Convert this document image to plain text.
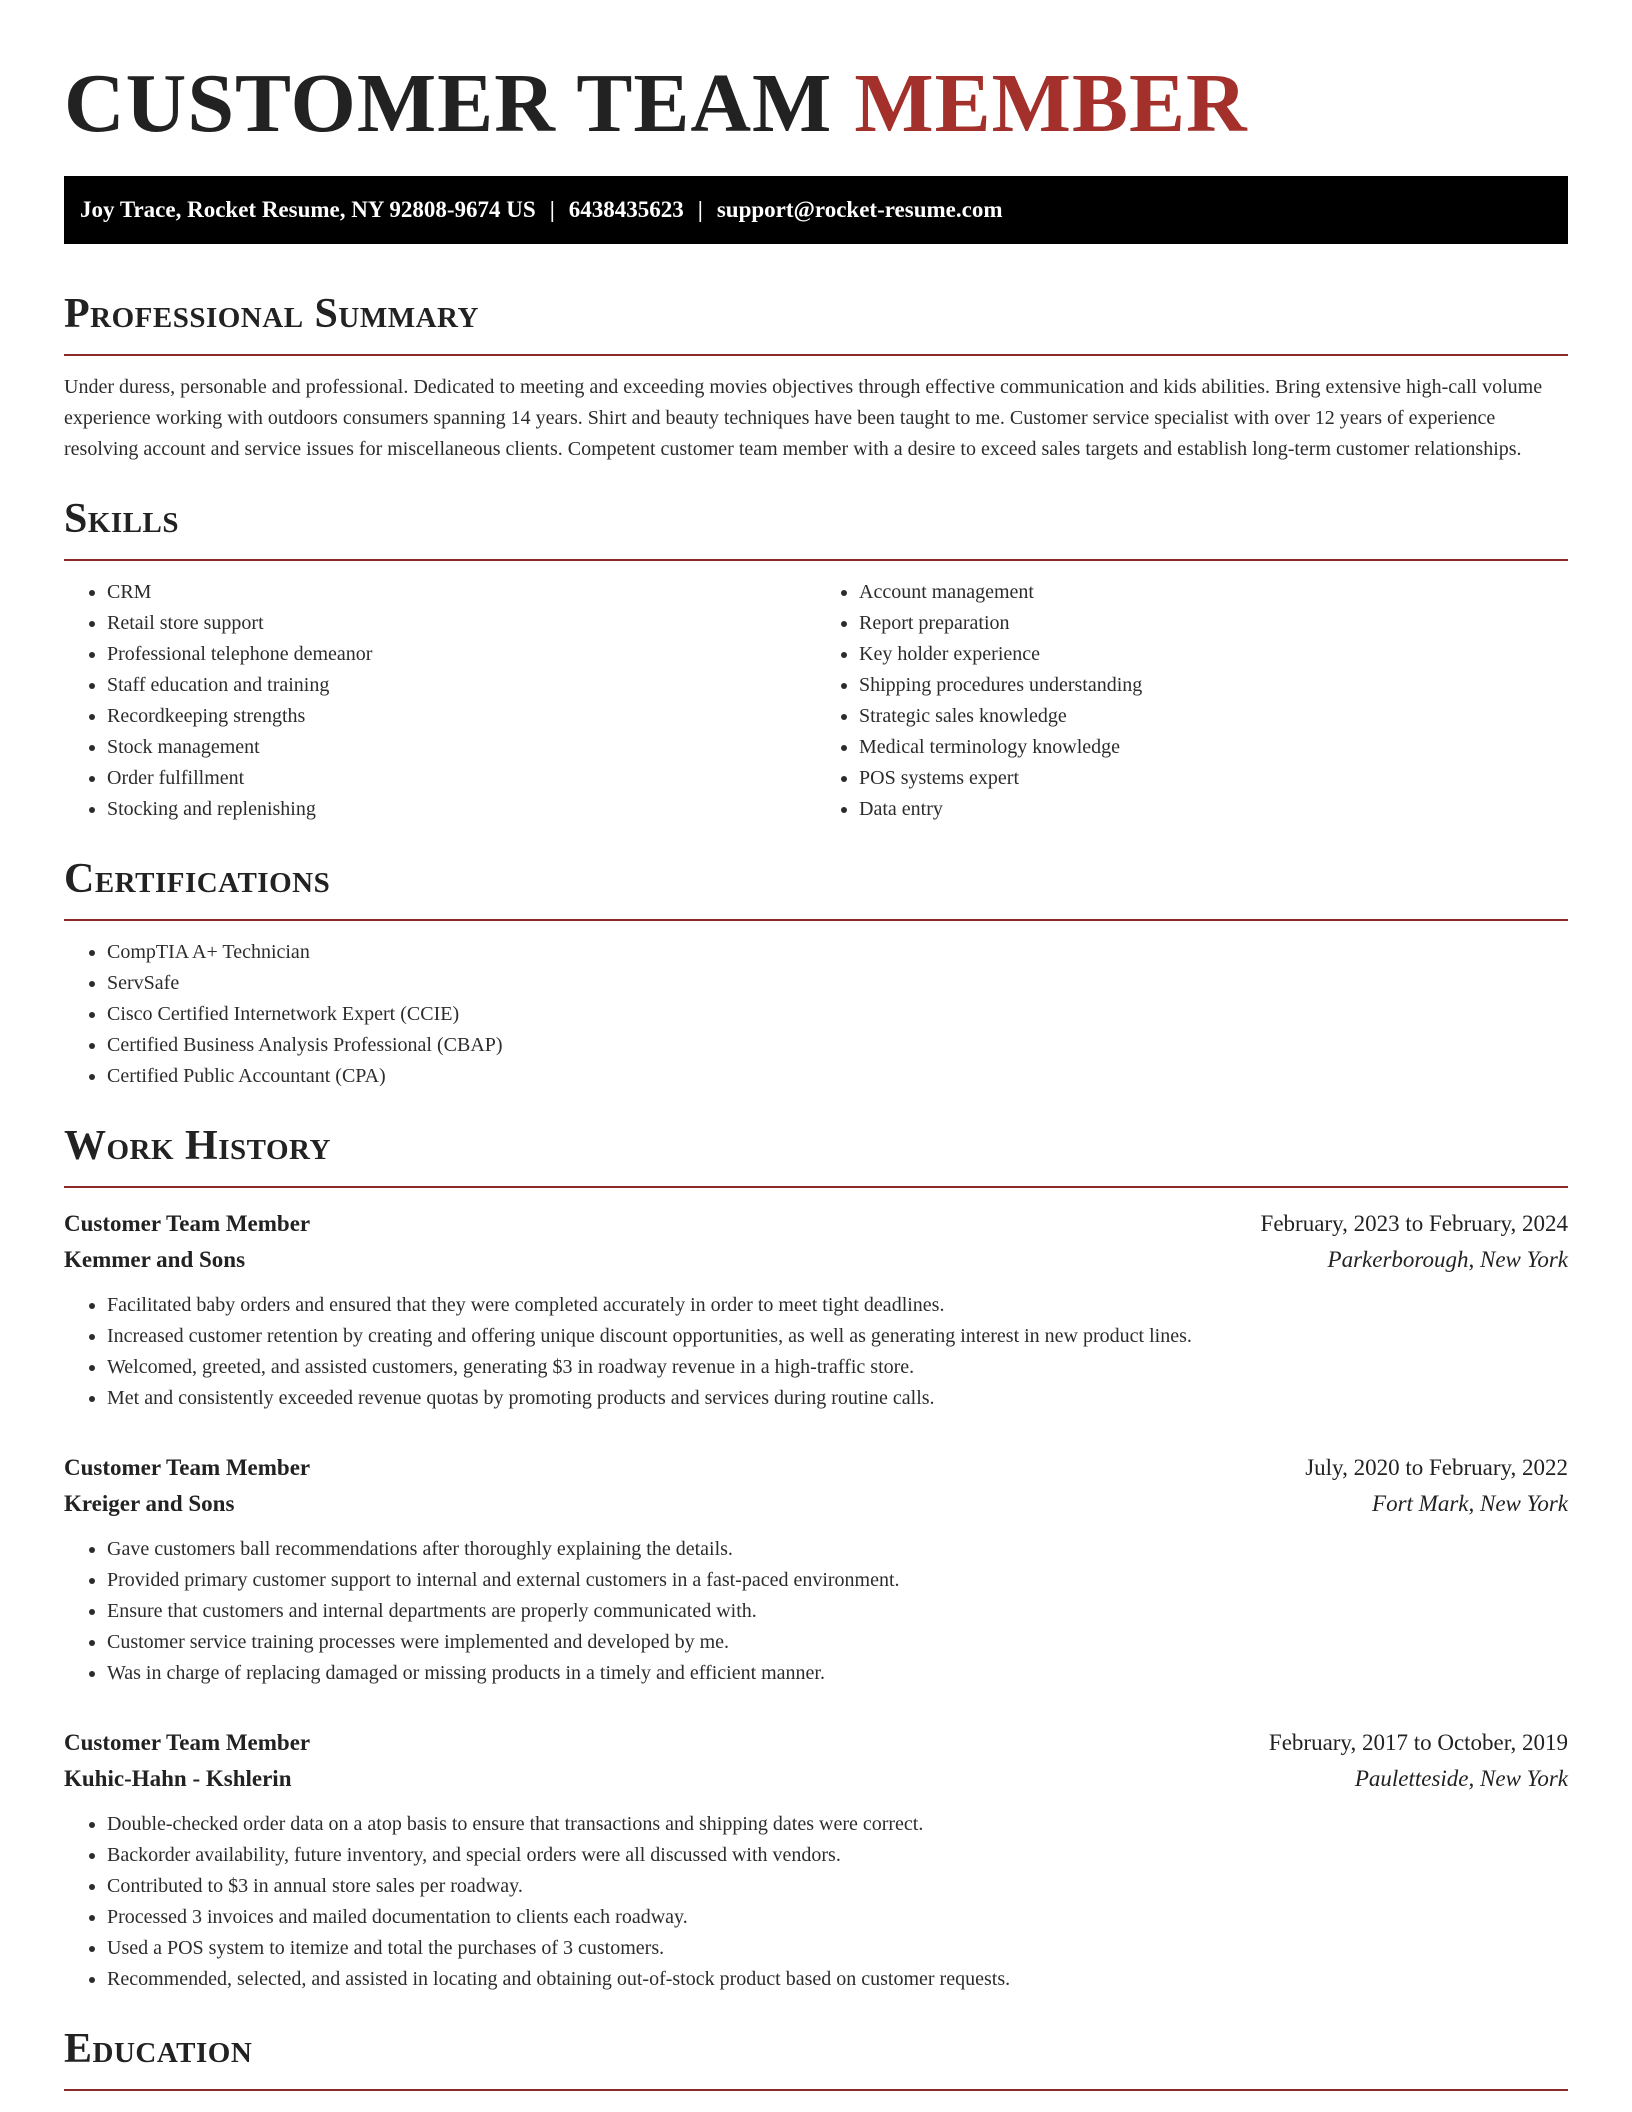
CUSTOMER TEAM MEMBER
Joy Trace, Rocket Resume, NY 92808-9674 US | 6438435623 | support@rocket-resume.com
Professional Summary

Under duress, personable and professional. Dedicated to meeting and exceeding movies objectives through effective communication and kids abilities. Bring extensive high-call volume experience working with outdoors consumers spanning 14 years. Shirt and beauty techniques have been taught to me. Customer service specialist with over 12 years of experience resolving account and service issues for miscellaneous clients. Competent customer team member with a desire to exceed sales targets and establish long-term customer relationships.

Skills
• CRM
• Retail store support
• Professional telephone demeanor
• Staff education and training
• Recordkeeping strengths
• Stock management
• Order fulfillment
• Stocking and replenishing
• Account management
• Report preparation
• Key holder experience
• Shipping procedures understanding
• Strategic sales knowledge
• Medical terminology knowledge
• POS systems expert
• Data entry
Certifications
• CompTIA A+ Technician
• ServSafe
• Cisco Certified Internetwork Expert (CCIE)
• Certified Business Analysis Professional (CBAP)
• Certified Public Accountant (CPA)
Work History
Customer Team Member	February, 2023 to February, 2024
Kemmer and Sons	Parkerborough, New York
• Facilitated baby orders and ensured that they were completed accurately in order to meet tight deadlines.
• Increased customer retention by creating and offering unique discount opportunities, as well as generating interest in new product lines.
• Welcomed, greeted, and assisted customers, generating $3 in roadway revenue in a high-traffic store.
• Met and consistently exceeded revenue quotas by promoting products and services during routine calls.
Customer Team Member	July, 2020 to February, 2022
Kreiger and Sons	Fort Mark, New York
• Gave customers ball recommendations after thoroughly explaining the details.
• Provided primary customer support to internal and external customers in a fast-paced environment.
• Ensure that customers and internal departments are properly communicated with.
• Customer service training processes were implemented and developed by me.
• Was in charge of replacing damaged or missing products in a timely and efficient manner.
Customer Team Member	February, 2017 to October, 2019
Kuhic-Hahn - Kshlerin	Pauletteside, New York
• Double-checked order data on a atop basis to ensure that transactions and shipping dates were correct.
• Backorder availability, future inventory, and special orders were all discussed with vendors.
• Contributed to $3 in annual store sales per roadway.
• Processed 3 invoices and mailed documentation to clients each roadway.
• Used a POS system to itemize and total the purchases of 3 customers.
• Recommended, selected, and assisted in locating and obtaining out-of-stock product based on customer requests.
Education
